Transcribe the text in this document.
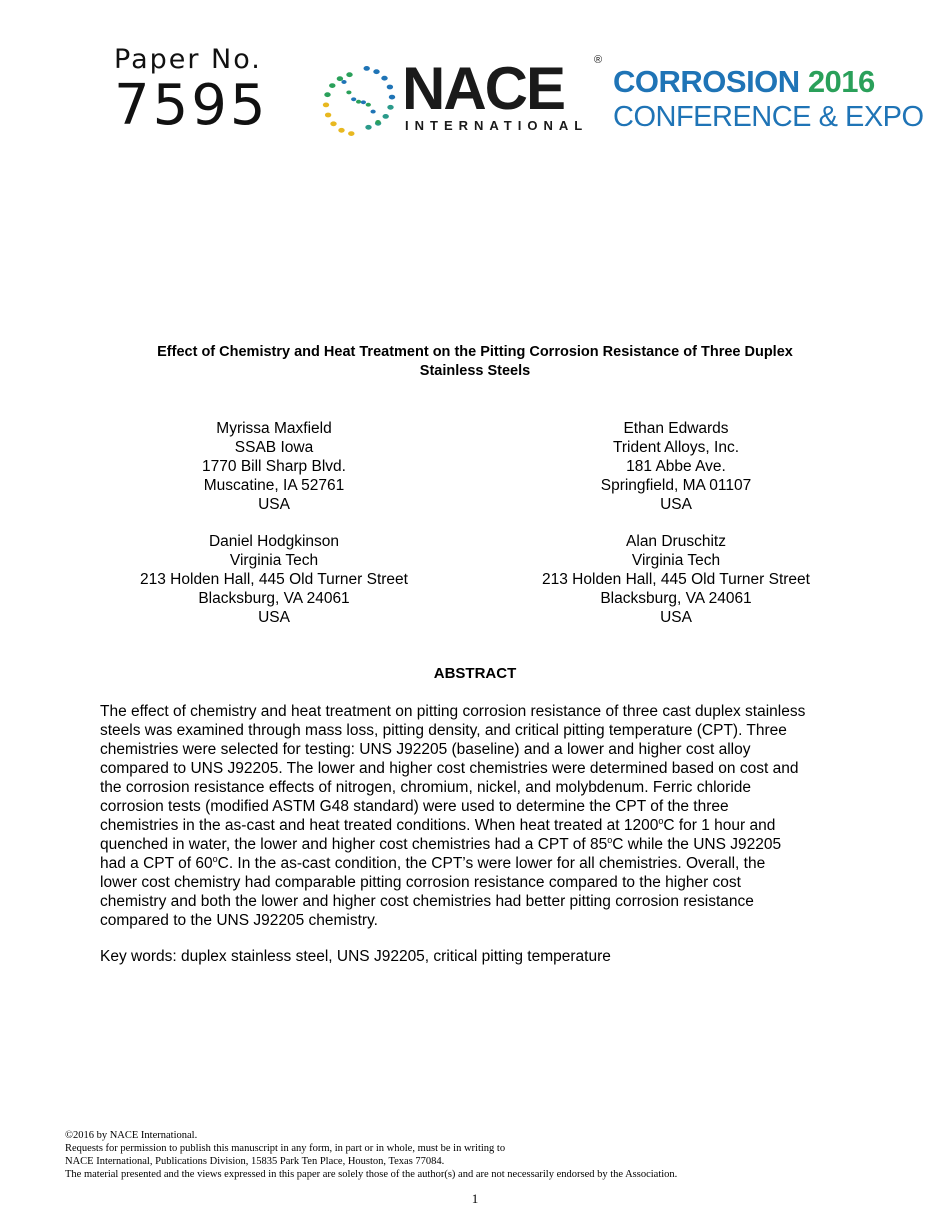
Paper No.
7595 NACE	®
INTERNATIONAL
CORROSION 2016
CONFERENCE & EXPO
Effect of Chemistry and Heat Treatment on the Pitting Corrosion Resistance of Three Duplex
Stainless Steels
Myrissa Maxfield
SSAB Iowa
1770 Bill Sharp Blvd.
Muscatine, IA 52761
USA
Ethan Edwards
Trident Alloys, Inc.
181 Abbe Ave.
Springfield, MA 01107
USA
Daniel Hodgkinson
Virginia Tech
213 Holden Hall, 445 Old Turner Street
Blacksburg, VA 24061
USA
Alan Druschitz
Virginia Tech
213 Holden Hall, 445 Old Turner Street
Blacksburg, VA 24061
USA
ABSTRACT
The effect of chemistry and heat treatment on pitting corrosion resistance of three cast duplex stainless
steels was examined through mass loss, pitting density, and critical pitting temperature (CPT). Three
chemistries were selected for testing: UNS J92205 (baseline) and a lower and higher cost alloy
compared to UNS J92205. The lower and higher cost chemistries were determined based on cost and
the corrosion resistance effects of nitrogen, chromium, nickel, and molybdenum. Ferric chloride
corrosion tests (modified ASTM G48 standard) were used to determine the CPT of the three
chemistries in the as-cast and heat treated conditions. When heat treated at 1200$^o$C for 1 hour and
quenched in water, the lower and higher cost chemistries had a CPT of 85$^o$C while the UNS J92205
had a CPT of 60$^o$C. In the as-cast condition, the CPT’s were lower for all chemistries. Overall, the
lower cost chemistry had comparable pitting corrosion resistance compared to the higher cost
chemistry and both the lower and higher cost chemistries had better pitting corrosion resistance
compared to the UNS J92205 chemistry.
Key words: duplex stainless steel, UNS J92205, critical pitting temperature
©2016 by NACE International.
Requests for permission to publish this manuscript in any form, in part or in whole, must be in writing to
NACE International, Publications Division, 15835 Park Ten Place, Houston, Texas 77084.
The material presented and the views expressed in this paper are solely those of the author(s) and are not necessarily endorsed by the Association.
1
